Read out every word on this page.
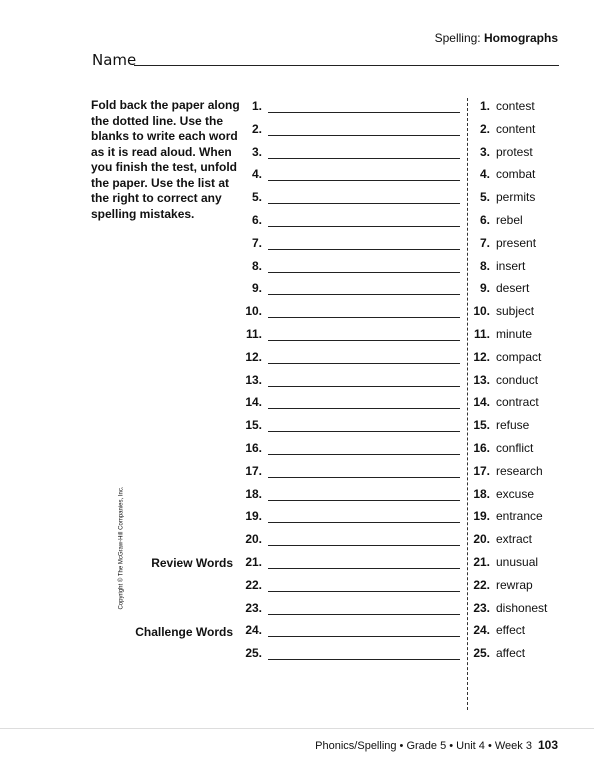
Spelling: Homographs
Name
Fold back the paper along the dotted line. Use the blanks to write each word as it is read aloud. When you finish the test, unfold the paper. Use the list at the right to correct any spelling mistakes.
Review Words
Challenge Words
1.
2.
3.
4.
5.
6.
7.
8.
9.
10.
11.
12.
13.
14.
15.
16.
17.
18.
19.
20.
21.
22.
23.
24.
25.
1. contest
2. content
3. protest
4. combat
5. permits
6. rebel
7. present
8. insert
9. desert
10. subject
11. minute
12. compact
13. conduct
14. contract
15. refuse
16. conflict
17. research
18. excuse
19. entrance
20. extract
21. unusual
22. rewrap
23. dishonest
24. effect
25. affect
Copyright © The McGraw-Hill Companies, Inc.
Phonics/Spelling • Grade 5 • Unit 4 • Week 3 103
